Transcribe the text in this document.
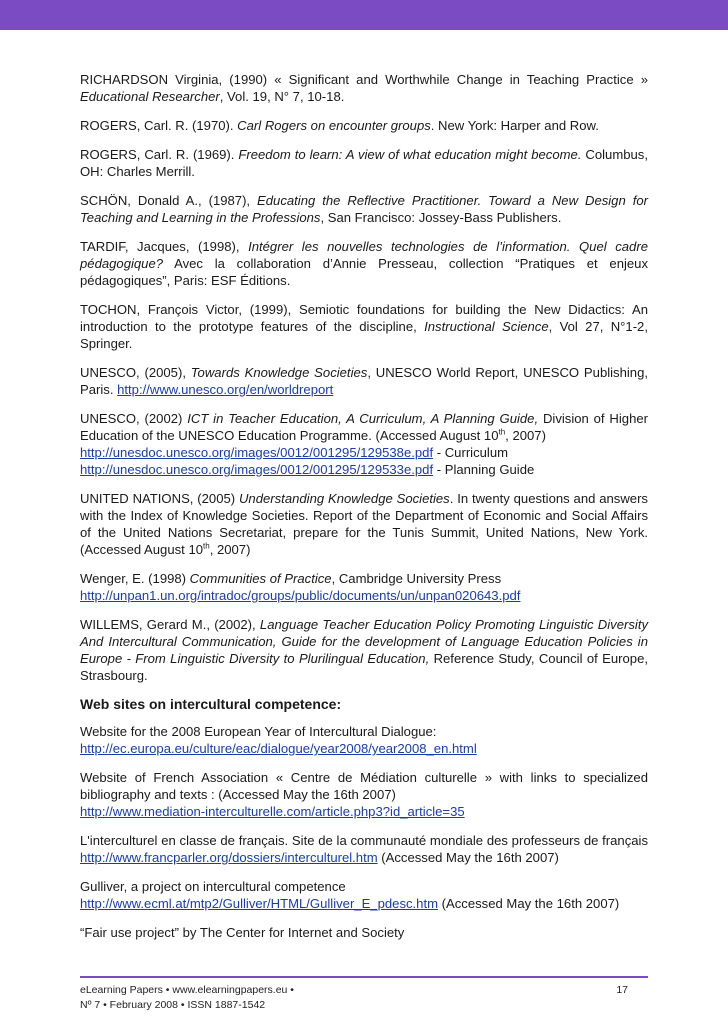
RICHARDSON Virginia, (1990) « Significant and Worthwhile Change in Teaching Practice » Educational Researcher, Vol. 19, N° 7, 10-18.

ROGERS, Carl. R. (1970). Carl Rogers on encounter groups. New York: Harper and Row.

ROGERS, Carl. R. (1969). Freedom to learn: A view of what education might become. Columbus, OH: Charles Merrill.

SCHÖN, Donald A., (1987), Educating the Reflective Practitioner. Toward a New Design for Teaching and Learning in the Professions, San Francisco: Jossey-Bass Publishers.

TARDIF, Jacques, (1998), Intégrer les nouvelles technologies de l’information. Quel cadre pédagogique? Avec la collaboration d’Annie Presseau, collection “Pratiques et enjeux pédagogiques”, Paris: ESF Éditions.

TOCHON, François Victor, (1999), Semiotic foundations for building the New Didactics: An introduction to the prototype features of the discipline, Instructional Science, Vol 27, N°1-2, Springer.

UNESCO, (2005), Towards Knowledge Societies, UNESCO World Report, UNESCO Publishing, Paris. http://www.unesco.org/en/worldreport

UNESCO, (2002) ICT in Teacher Education, A Curriculum, A Planning Guide, Division of Higher Education of the UNESCO Education Programme. (Accessed August 10th, 2007)
http://unesdoc.unesco.org/images/0012/001295/129538e.pdf - Curriculum
http://unesdoc.unesco.org/images/0012/001295/129533e.pdf - Planning Guide

UNITED NATIONS, (2005) Understanding Knowledge Societies. In twenty questions and answers with the Index of Knowledge Societies. Report of the Department of Economic and Social Affairs of the United Nations Secretariat, prepare for the Tunis Summit, United Nations, New York. (Accessed August 10th, 2007)

Wenger, E. (1998) Communities of Practice, Cambridge University Press
http://unpan1.un.org/intradoc/groups/public/documents/un/unpan020643.pdf

WILLEMS, Gerard M., (2002), Language Teacher Education Policy Promoting Linguistic Diversity And Intercultural Communication, Guide for the development of Language Education Policies in Europe - From Linguistic Diversity to Plurilingual Education, Reference Study, Council of Europe, Strasbourg.

Web sites on intercultural competence:

Website for the 2008 European Year of Intercultural Dialogue:
http://ec.europa.eu/culture/eac/dialogue/year2008/year2008_en.html

Website of French Association « Centre de Médiation culturelle » with links to specialized bibliography and texts : (Accessed May the 16th 2007)
http://www.mediation-interculturelle.com/article.php3?id_article=35

L'interculturel en classe de français. Site de la communauté mondiale des professeurs de français http://www.francparler.org/dossiers/interculturel.htm (Accessed May the 16th 2007)

Gulliver, a project on intercultural competence
http://www.ecml.at/mtp2/Gulliver/HTML/Gulliver_E_pdesc.htm (Accessed May the 16th 2007)

“Fair use project” by The Center for Internet and Society

eLearning Papers • www.elearningpapers.eu •
Nº 7 • February 2008 • ISSN 1887-1542
17
